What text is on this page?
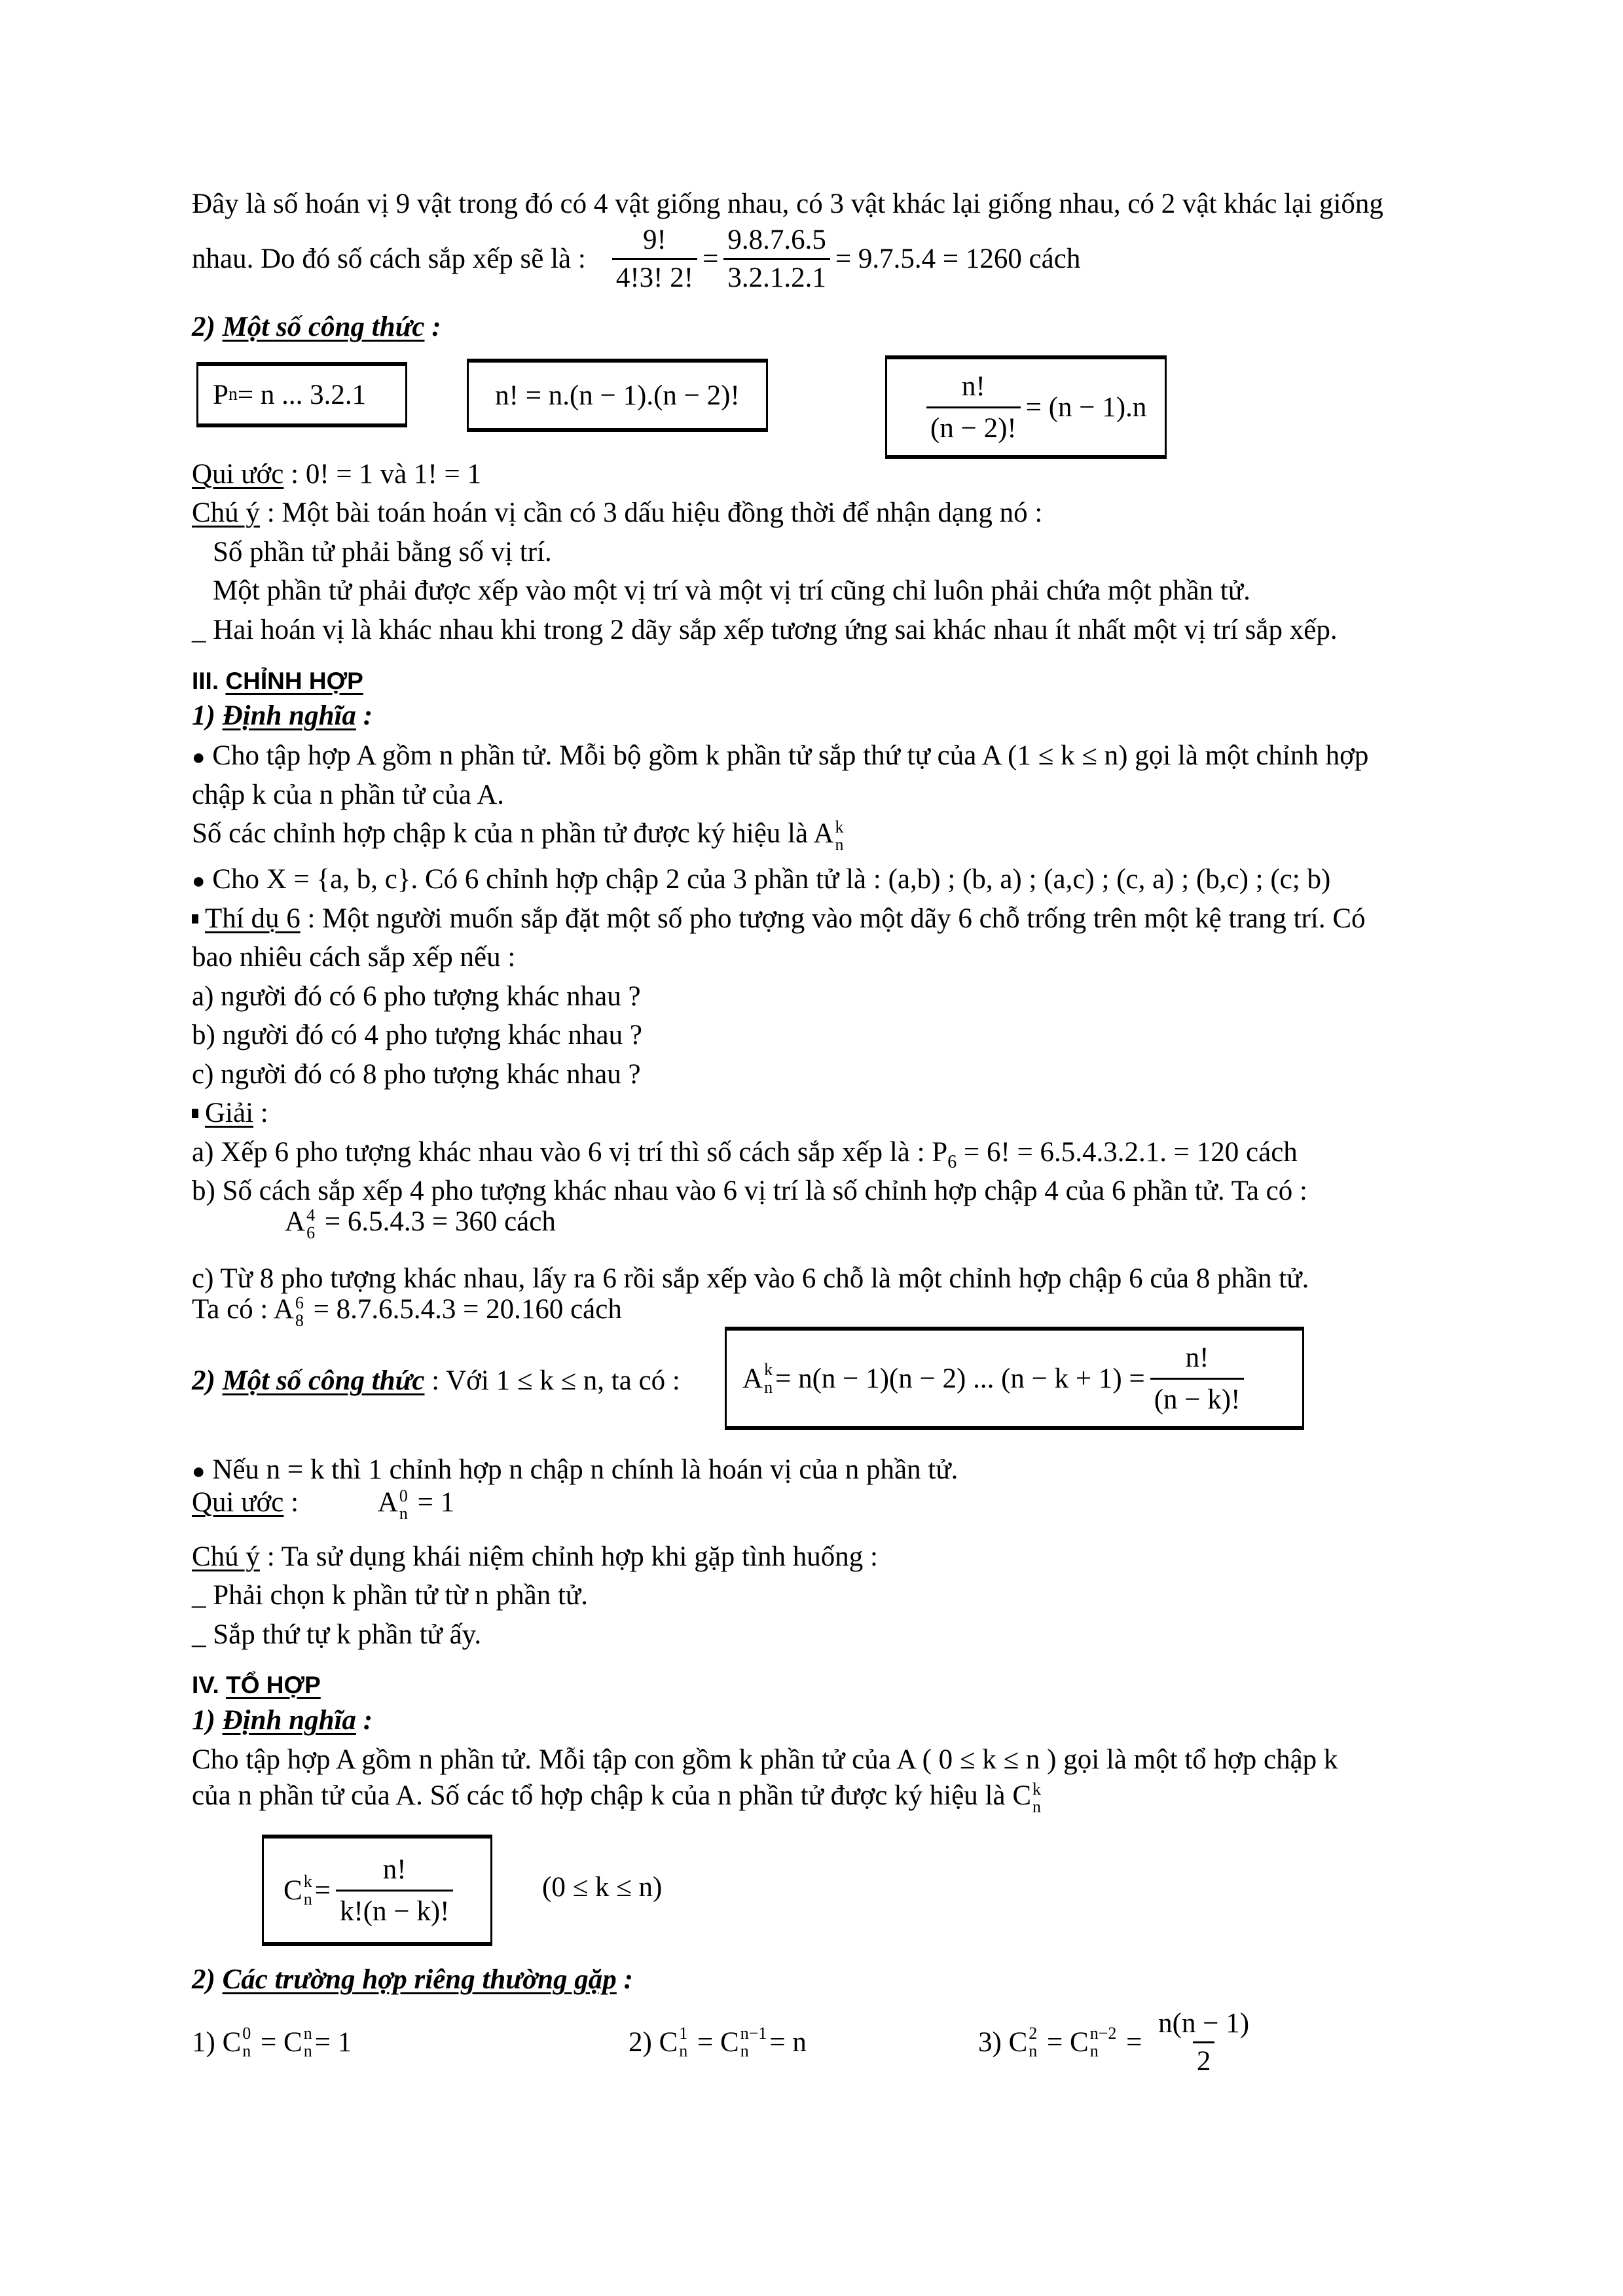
Đây là số hoán vị 9 vật trong đó có 4 vật giống nhau, có 3 vật khác lại giống nhau, có 2 vật khác lại giống
nhau. Do đó số cách sắp xếp sẽ là : $\frac{9!}{4!3! 2!} = \frac{9.8.7.6.5}{3.2.1.2.1} = 9.7.5.4 = 1260$ cách
2) Một số công thức :
P n = n ... 3.2.1	n! = n.(n − 1).(n − 2)!	$\frac{n!}{(n - 2)!} = (n - 1).n$
Qui ước : 0! = 1 và 1! = 1
Chú ý : Một bài toán hoán vị cần có 3 dấu hiệu đồng thời để nhận dạng nó :
Số phần tử phải bằng số vị trí.
Một phần tử phải được xếp vào một vị trí và một vị trí cũng chỉ luôn phải chứa một phần tử.
_ Hai hoán vị là khác nhau khi trong 2 dãy sắp xếp tương ứng sai khác nhau ít nhất một vị trí sắp xếp.
III. CHỈNH HỢP
1) Định nghĩa :
● Cho tập hợp A gồm n phần tử. Mỗi bộ gồm k phần tử sắp thứ tự của A (1 ≤ k ≤ n) gọi là một chỉnh hợp
chập k của n phần tử của A.
Số các chỉnh hợp chập k của n phần tử được ký hiệu là A k
n
● Cho X = {a, b, c}. Có 6 chỉnh hợp chập 2 của 3 phần tử là : (a,b) ; (b, a) ; (a,c) ; (c, a) ; (b,c) ; (c; b)
Thí dụ 6 : Một người muốn sắp đặt một số pho tượng vào một dãy 6 chỗ trống trên một kệ trang trí. Có
bao nhiêu cách sắp xếp nếu :
a) người đó có 6 pho tượng khác nhau ?
b) người đó có 4 pho tượng khác nhau ?
c) người đó có 8 pho tượng khác nhau ?
Giải :
a) Xếp 6 pho tượng khác nhau vào 6 vị trí thì số cách sắp xếp là : $P_6 = 6$! = 6.5.4.3.2.1. = 120 cách
b) Số cách sắp xếp 4 pho tượng khác nhau vào 6 vị trí là số chỉnh hợp chập 4 của 6 phần tử. Ta có :
A 4
6 = 6.5.4.3 = 360 cách
c) Từ 8 pho tượng khác nhau, lấy ra 6 rồi sắp xếp vào 6 chỗ là một chỉnh hợp chập 6 của 8 phần tử.
Ta có : A 6
8 = 8.7.6.5.4.3 = 20.160 cách
2) Một số công thức : Với 1 ≤ k ≤ n, ta có : A k
n = n(n − 1)(n − 2) ... $(n - k + 1) = \frac{n!}{(n - k)!}$
● Nếu n = k thì 1 chỉnh hợp n chập n chính là hoán vị của n phần tử.
Qui ước :	A 0
n = 1
Chú ý : Ta sử dụng khái niệm chỉnh hợp khi gặp tình huống :
_ Phải chọn k phần tử từ n phần tử.
_ Sắp thứ tự k phần tử ấy.
IV. TỔ HỢP
1) Định nghĩa :
Cho tập hợp A gồm n phần tử. Mỗi tập con gồm k phần tử của A ( 0 ≤ k ≤ n ) gọi là một tổ hợp chập k
của n phần tử của A. Số các tổ hợp chập k của n phần tử được ký hiệu là C k
n
C k
$n = \frac{n!}{k!(n - k)!}$	(0 ≤ k ≤ n)
2) Các trường hợp riêng thường gặp :
1)
C 0
n = C n
n = 1	2)
C 1
n = C n−1
n = n	3)
C 2
n = C n−2
$n = \frac{n(n - 1)}{2}$
